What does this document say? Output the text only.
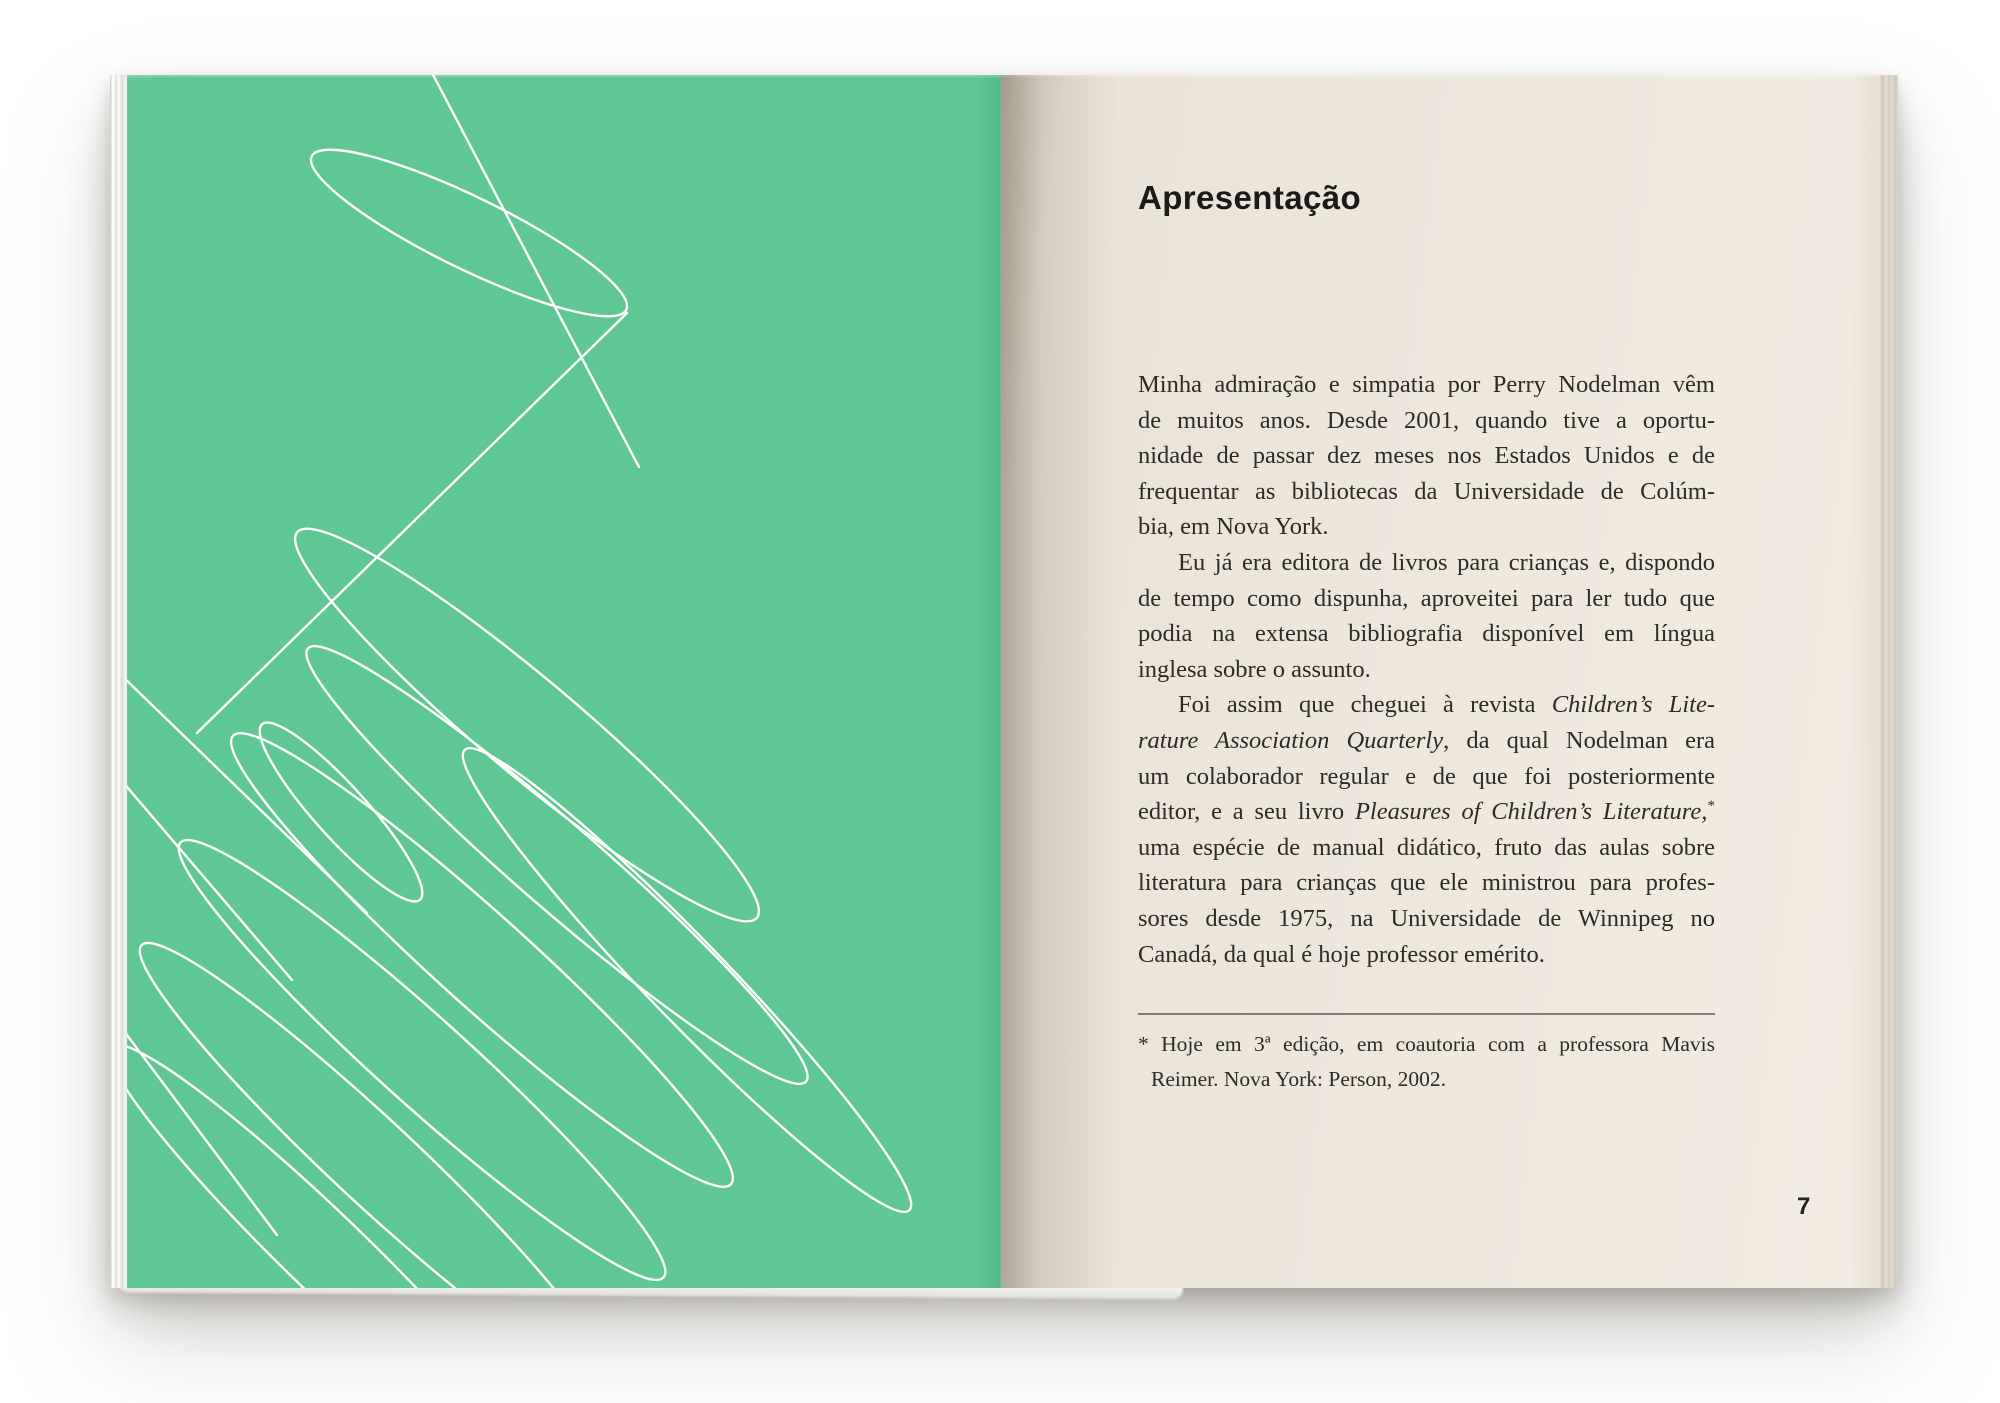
Apresentação
Minha admiração e simpatia por Perry Nodelman vêm
de muitos anos. Desde 2001, quando tive a oportu-
nidade de passar dez meses nos Estados Unidos e de
frequentar as bibliotecas da Universidade de Colúm-
bia, em Nova York.
Eu já era editora de livros para crianças e, dispondo
de tempo como dispunha, aproveitei para ler tudo que
podia na extensa bibliografia disponível em língua
inglesa sobre o assunto.
Foi assim que cheguei à revista Children’s Lite-
rature Association Quarterly, da qual Nodelman era
um colaborador regular e de que foi posteriormente
editor, e a seu livro Pleasures of Children’s Literature,*
uma espécie de manual didático, fruto das aulas sobre
literatura para crianças que ele ministrou para profes-
sores desde 1975, na Universidade de Winnipeg no
Canadá, da qual é hoje professor emérito.
* Hoje em 3ª edição, em coautoria com a professora Mavis
Reimer. Nova York: Person, 2002.
7
